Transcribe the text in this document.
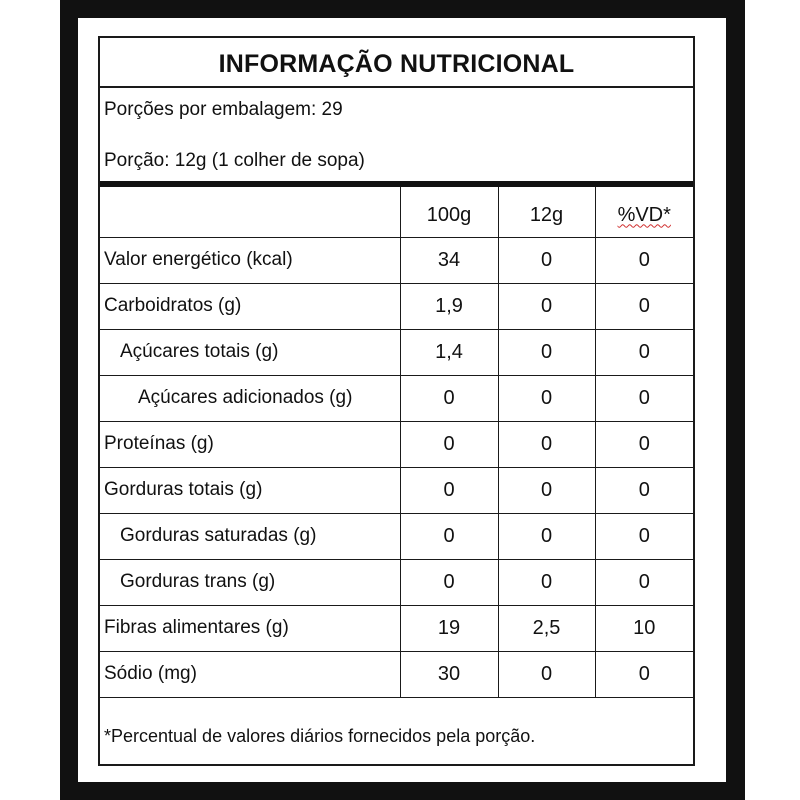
INFORMAÇÃO NUTRICIONAL
Porções por embalagem: 29
Porção: 12g (1 colher de sopa)
	100g	12g	%VD*
Valor energético (kcal)	34	0	0
Carboidratos (g)	1,9	0	0
Açúcares totais (g)	1,4	0	0
Açúcares adicionados (g)	0	0	0
Proteínas (g)	0	0	0
Gorduras totais (g)	0	0	0
Gorduras saturadas (g)	0	0	0
Gorduras trans (g)	0	0	0
Fibras alimentares (g)	19	2,5	10
Sódio (mg)	30	0	0
*Percentual de valores diários fornecidos pela porção.
